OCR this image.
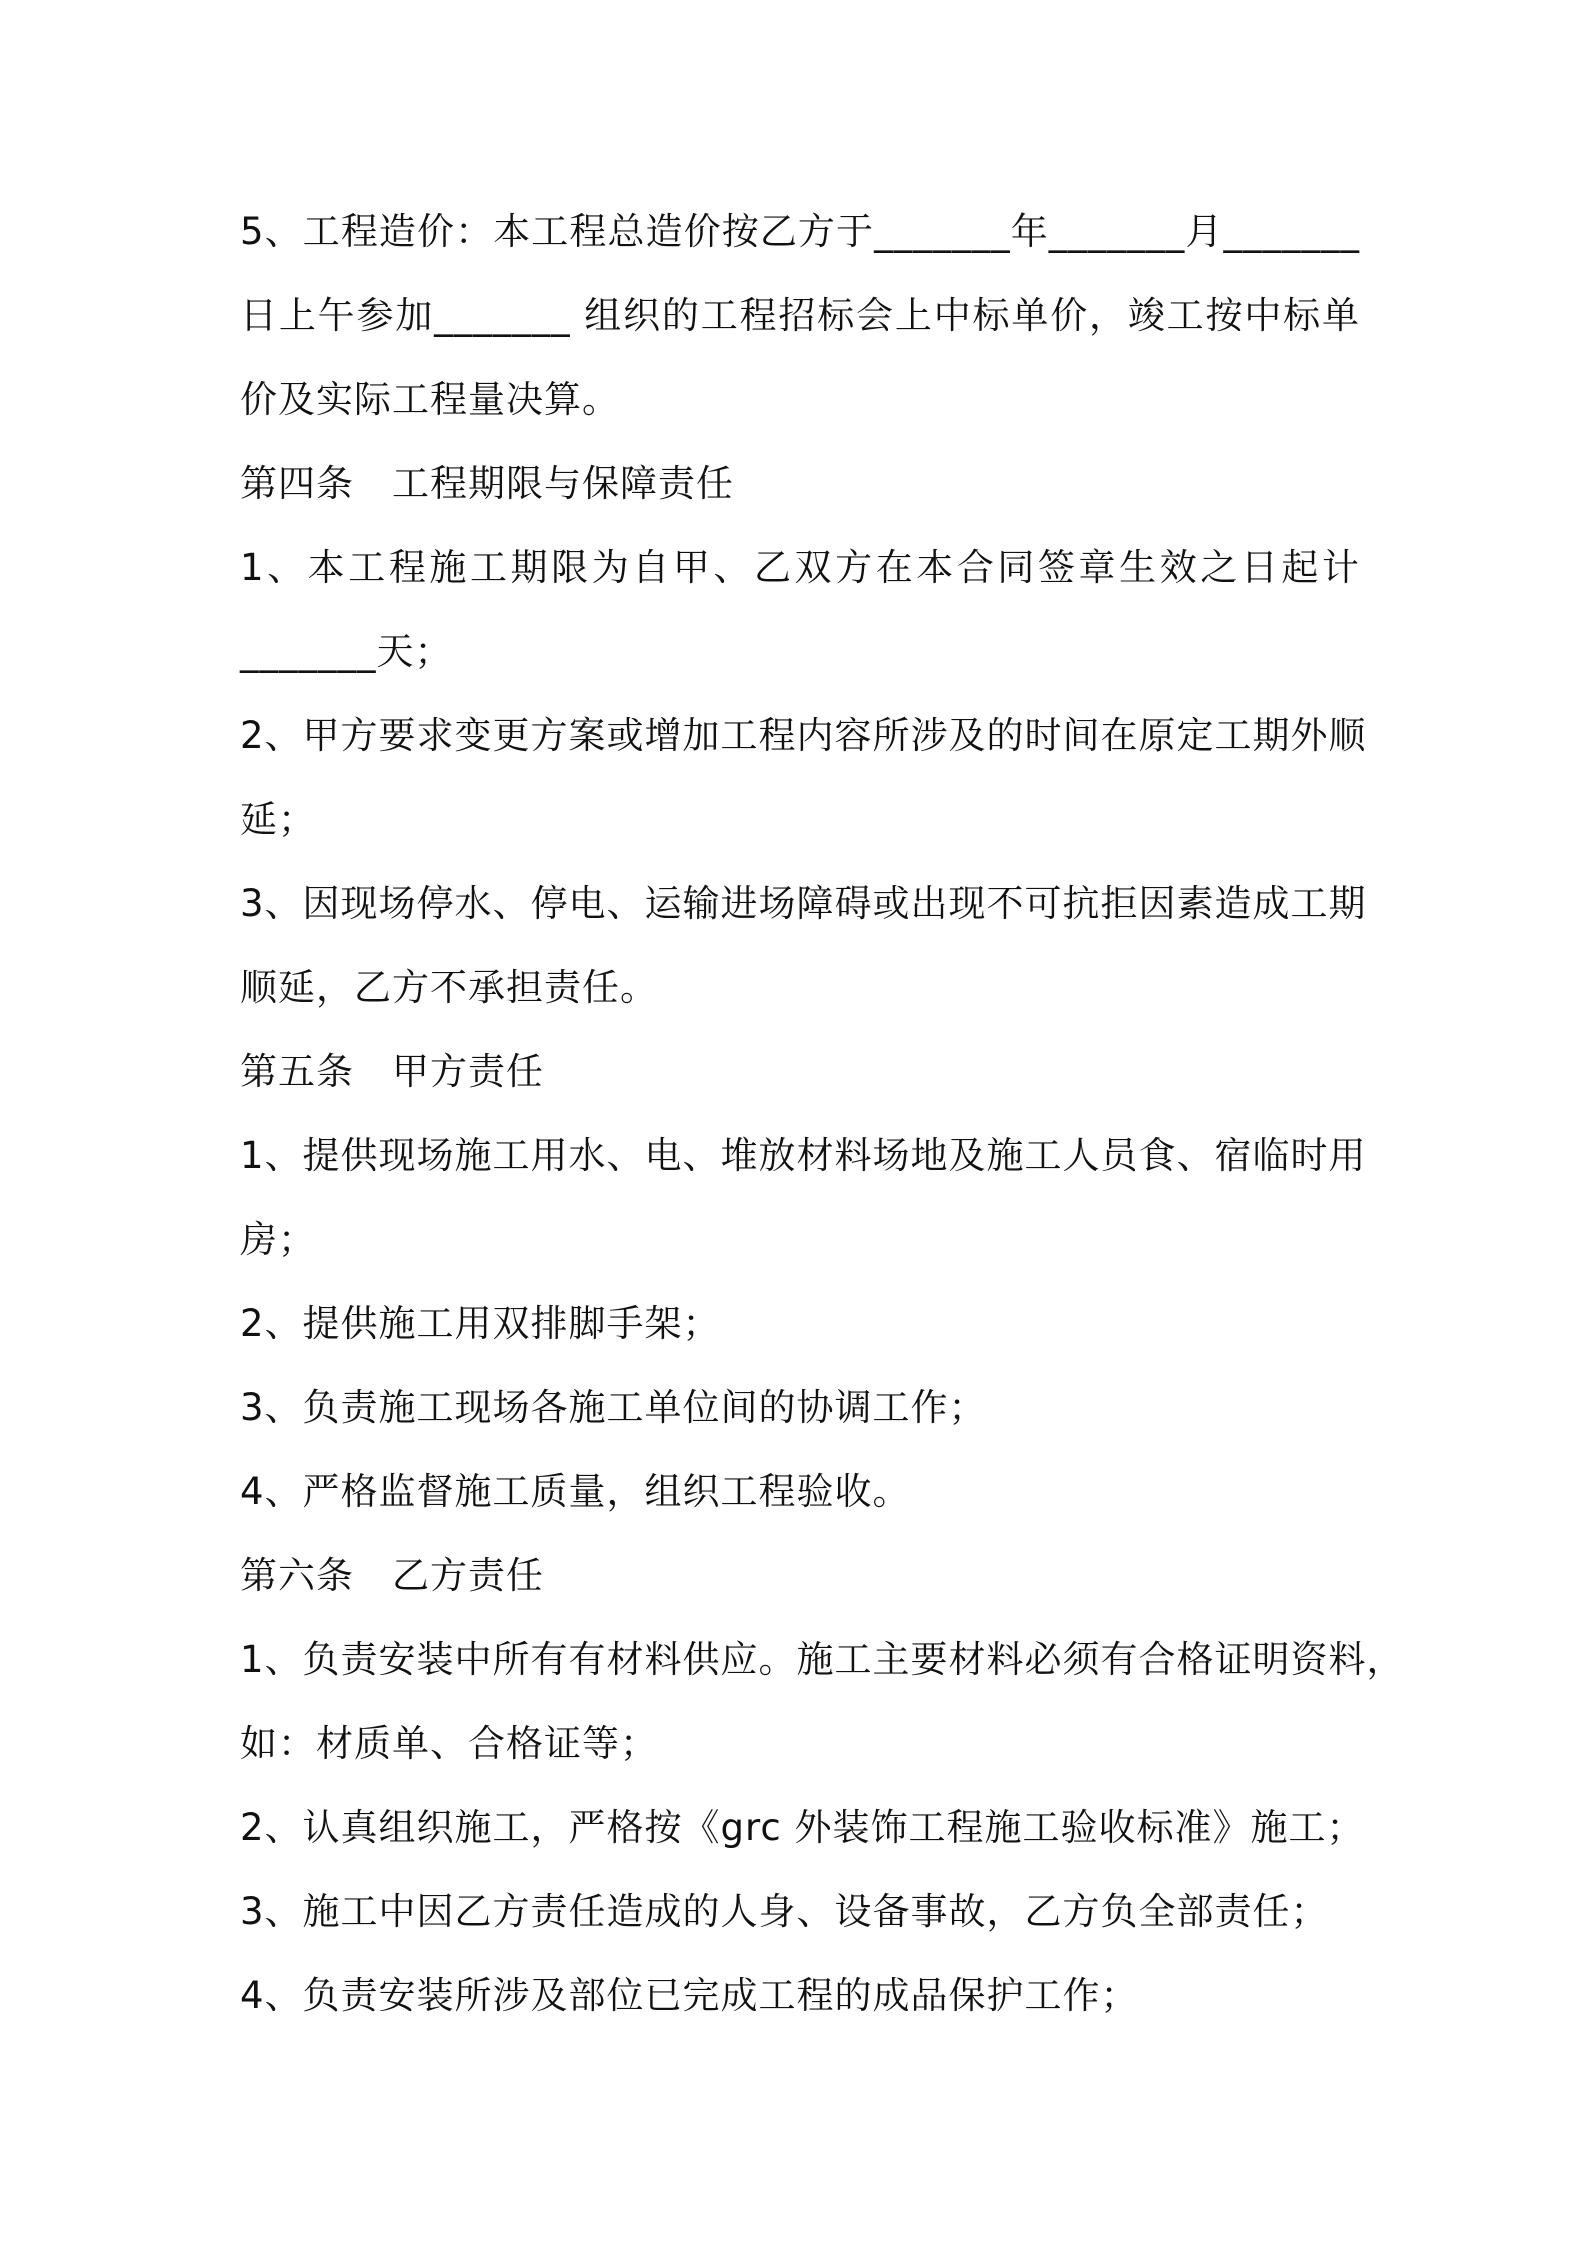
5、工程造价：本工程总造价按乙方于_______年_______月_______
日上午参加_______ 组织的工程招标会上中标单价，竣工按中标单
价及实际工程量决算。
第四条　工程期限与保障责任
1、本工程施工期限为自甲、乙双方在本合同签章生效之日起计
_______天；
2、甲方要求变更方案或增加工程内容所涉及的时间在原定工期外顺
延；
3、因现场停水、停电、运输进场障碍或出现不可抗拒因素造成工期
顺延，乙方不承担责任。
第五条　甲方责任
1、提供现场施工用水、电、堆放材料场地及施工人员食、宿临时用
房；
2、提供施工用双排脚手架；
3、负责施工现场各施工单位间的协调工作；
4、严格监督施工质量，组织工程验收。
第六条　乙方责任
1、负责安装中所有有材料供应。施工主要材料必须有合格证明资料，
如：材质单、合格证等；
2、认真组织施工，严格按《grc 外装饰工程施工验收标准》施工；
3、施工中因乙方责任造成的人身、设备事故，乙方负全部责任；
4、负责安装所涉及部位已完成工程的成品保护工作；
